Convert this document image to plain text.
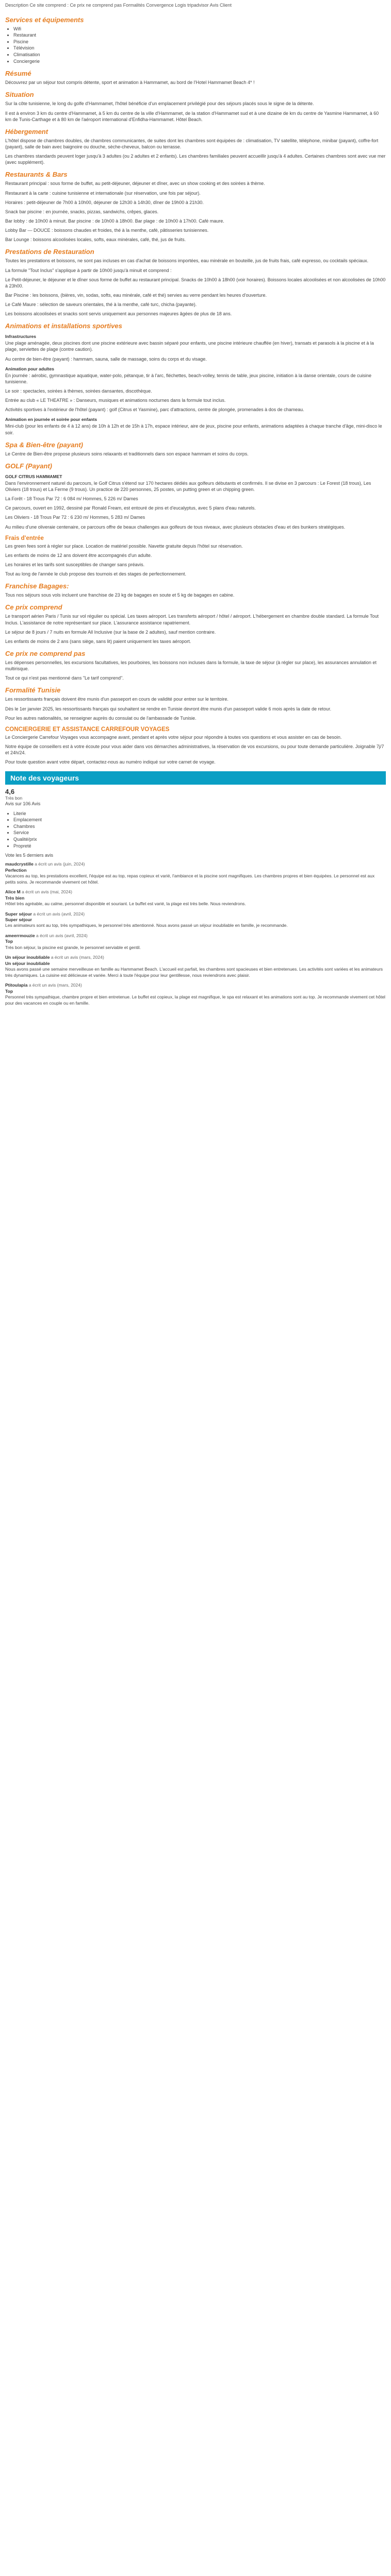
Description Ce site comprend : Ce prix ne comprend pas Formalités Convergence Logis tripadvisor Avis Client
Services et équipements
• Wifi
• Restaurant
• Piscine
• Télévision
• Climatisation
• Conciergerie
Résumé

Découvrez par un séjour tout compris détente, sport et animation à Hammamet, au bord de l'Hotel Hammamet Beach 4* !

Situation

Sur la côte tunisienne, le long du golfe d'Hammamet, l'hôtel bénéficie d'un emplacement privilégié pour des séjours placés sous le signe de la détente.

Il est à environ 3 km du centre d'Hammamet, à 5 km du centre de la ville d'Hammamet, de la station d'Hammamet sud et à une dizaine de km du centre de Yasmine Hammamet, à 60 km de Tunis-Carthage et à 80 km de l'aéroport international d'Enfidha-Hammamet. Hôtel Beach.

Hébergement

L'hôtel dispose de chambres doubles, de chambres communicantes, de suites dont les chambres sont équipées de : climatisation, TV satellite, téléphone, minibar (payant), coffre-fort (payant), salle de bain avec baignoire ou douche, sèche-cheveux, balcon ou terrasse.

Les chambres standards peuvent loger jusqu'à 3 adultes (ou 2 adultes et 2 enfants). Les chambres familiales peuvent accueillir jusqu'à 4 adultes. Certaines chambres sont avec vue mer (avec supplément).

Restaurants & Bars

Restaurant principal : sous forme de buffet, au petit-déjeuner, déjeuner et dîner, avec un show cooking et des soirées à thème.

Restaurant à la carte : cuisine tunisienne et internationale (sur réservation, une fois par séjour).

Horaires : petit-déjeuner de 7h00 à 10h00, déjeuner de 12h30 à 14h30, dîner de 19h00 à 21h30.

Snack bar piscine : en journée, snacks, pizzas, sandwichs, crêpes, glaces.

Bar lobby : de 10h00 à minuit. Bar piscine : de 10h00 à 18h00. Bar plage : de 10h00 à 17h00. Café maure.

Lobby Bar — DOUCE : boissons chaudes et froides, thé à la menthe, café, pâtisseries tunisiennes.

Bar Lounge : boissons alcoolisées locales, softs, eaux minérales, café, thé, jus de fruits.

Prestations de Restauration

Toutes les prestations et boissons, ne sont pas incluses en cas d'achat de boissons importées, eau minérale en bouteille, jus de fruits frais, café expresso, ou cocktails spéciaux.

La formule "Tout Inclus" s'applique à partir de 10h00 jusqu'à minuit et comprend :

Le Petit-déjeuner, le déjeuner et le dîner sous forme de buffet au restaurant principal. Snacks de 10h00 à 18h00 (voir horaires). Boissons locales alcoolisées et non alcoolisées de 10h00 à 23h00.

Bar Piscine : les boissons, (bières, vin, sodas, softs, eau minérale, café et thé) servies au verre pendant les heures d'ouverture.

Le Café Maure : sélection de saveurs orientales, thé à la menthe, café turc, chicha (payante).

Les boissons alcoolisées et snacks sont servis uniquement aux personnes majeures âgées de plus de 18 ans.

Animations et installations sportives
Infrastructures

Une plage aménagée, deux piscines dont une piscine extérieure avec bassin séparé pour enfants, une piscine intérieure chauffée (en hiver), transats et parasols à la piscine et à la plage, serviettes de plage (contre caution).

Au centre de bien-être (payant) : hammam, sauna, salle de massage, soins du corps et du visage.

Animation pour adultes

En journée : aérobic, gymnastique aquatique, water-polo, pétanque, tir à l'arc, fléchettes, beach-volley, tennis de table, jeux piscine, initiation à la danse orientale, cours de cuisine tunisienne.

Le soir : spectacles, soirées à thèmes, soirées dansantes, discothèque.

Entrée au club « LE THEATRE » : Danseurs, musiques et animations nocturnes dans la formule tout inclus.

Activités sportives à l'extérieur de l'hôtel (payant) : golf (Citrus et Yasmine), parc d'attractions, centre de plongée, promenades à dos de chameau.

Animation en journée et soirée pour enfants

Mini-club (pour les enfants de 4 à 12 ans) de 10h à 12h et de 15h à 17h, espace intérieur, aire de jeux, piscine pour enfants, animations adaptées à chaque tranche d'âge, mini-disco le soir.

Spa & Bien-être (payant)

Le Centre de Bien-être propose plusieurs soins relaxants et traditionnels dans son espace hammam et soins du corps.

GOLF (Payant)
GOLF CITRUS HAMMAMET

Dans l'environnement naturel du parcours, le Golf Citrus s'étend sur 170 hectares dédiés aux golfeurs débutants et confirmés. Il se divise en 3 parcours : Le Forest (18 trous), Les Oliviers (18 trous) et La Ferme (9 trous). Un practice de 220 personnes, 25 postes, un putting green et un chipping green.

La Forêt - 18 Trous Par 72 : 6 084 m/ Hommes, 5 226 m/ Dames

Ce parcours, ouvert en 1992, dessiné par Ronald Fream, est entouré de pins et d'eucalyptus, avec 5 plans d'eau naturels.

Les Oliviers - 18 Trous Par 72 : 6 230 m/ Hommes, 5 283 m/ Dames

Au milieu d'une oliveraie centenaire, ce parcours offre de beaux challenges aux golfeurs de tous niveaux, avec plusieurs obstacles d'eau et des bunkers stratégiques.

Frais d'entrée

Les green fees sont à régler sur place. Location de matériel possible. Navette gratuite depuis l'hôtel sur réservation.

Les enfants de moins de 12 ans doivent être accompagnés d'un adulte.

Les horaires et les tarifs sont susceptibles de changer sans préavis.

Tout au long de l'année le club propose des tournois et des stages de perfectionnement.

Franchise Bagages:

Tous nos séjours sous vols incluent une franchise de 23 kg de bagages en soute et 5 kg de bagages en cabine.

Ce prix comprend

Le transport aérien Paris / Tunis sur vol régulier ou spécial. Les taxes aéroport. Les transferts aéroport / hôtel / aéroport. L'hébergement en chambre double standard. La formule Tout Inclus. L'assistance de notre représentant sur place. L'assurance assistance rapatriement.

Le séjour de 8 jours / 7 nuits en formule All Inclusive (sur la base de 2 adultes), sauf mention contraire.

Les enfants de moins de 2 ans (sans siège, sans lit) paient uniquement les taxes aéroport.

Ce prix ne comprend pas

Les dépenses personnelles, les excursions facultatives, les pourboires, les boissons non incluses dans la formule, la taxe de séjour (à régler sur place), les assurances annulation et multirisque.

Tout ce qui n'est pas mentionné dans "Le tarif comprend".

Formalité Tunisie

Les ressortissants français doivent être munis d'un passeport en cours de validité pour entrer sur le territoire.

Dès le 1er janvier 2025, les ressortissants français qui souhaitent se rendre en Tunisie devront être munis d'un passeport valide 6 mois après la date de retour.

Pour les autres nationalités, se renseigner auprès du consulat ou de l'ambassade de Tunisie.

CONCIERGERIE ET ASSISTANCE CARREFOUR VOYAGES

Le Conciergerie Carrefour Voyages vous accompagne avant, pendant et après votre séjour pour répondre à toutes vos questions et vous assister en cas de besoin.

Notre équipe de conseillers est à votre écoute pour vous aider dans vos démarches administratives, la réservation de vos excursions, ou pour toute demande particulière. Joignable 7j/7 et 24h/24.

Pour toute question avant votre départ, contactez-nous au numéro indiqué sur votre carnet de voyage.

Note des voyageurs
4,6
Très bon

Avis sur 106 Avis

• Literie
• Emplacement
• Chambres
• Service
• Qualité/prix
• Propreté

Vote les 5 derniers avis

maudcrystille a écrit un avis (juin, 2024)
Perfection
Vacances au top, les prestations excellent, l'équipe est au top, repas copieux et varié, l'ambiance et la piscine sont magnifiques. Les chambres propres et bien équipées. Le personnel est aux petits soins. Je recommande vivement cet hôtel.
Alice M a écrit un avis (mai, 2024)
Très bien
Hôtel très agréable, au calme, personnel disponible et souriant. Le buffet est varié, la plage est très belle. Nous reviendrons.
Super séjour a écrit un avis (avril, 2024)
Super séjour
Les animateurs sont au top, très sympathiques, le personnel très attentionné. Nous avons passé un séjour inoubliable en famille, je recommande.
ameerrmouzie a écrit un avis (avril, 2024)
Top
Très bon séjour, la piscine est grande, le personnel serviable et gentil.
Un séjour inoubliable a écrit un avis (mars, 2024)
Un séjour inoubliable
Nous avons passé une semaine merveilleuse en famille au Hammamet Beach. L'accueil est parfait, les chambres sont spacieuses et bien entretenues. Les activités sont variées et les animateurs très dynamiques. La cuisine est délicieuse et variée. Merci à toute l'équipe pour leur gentillesse, nous reviendrons avec plaisir.
Ptitoulapia a écrit un avis (mars, 2024)
Top
Personnel très sympathique, chambre propre et bien entretenue. Le buffet est copieux, la plage est magnifique, le spa est relaxant et les animations sont au top. Je recommande vivement cet hôtel pour des vacances en couple ou en famille.
